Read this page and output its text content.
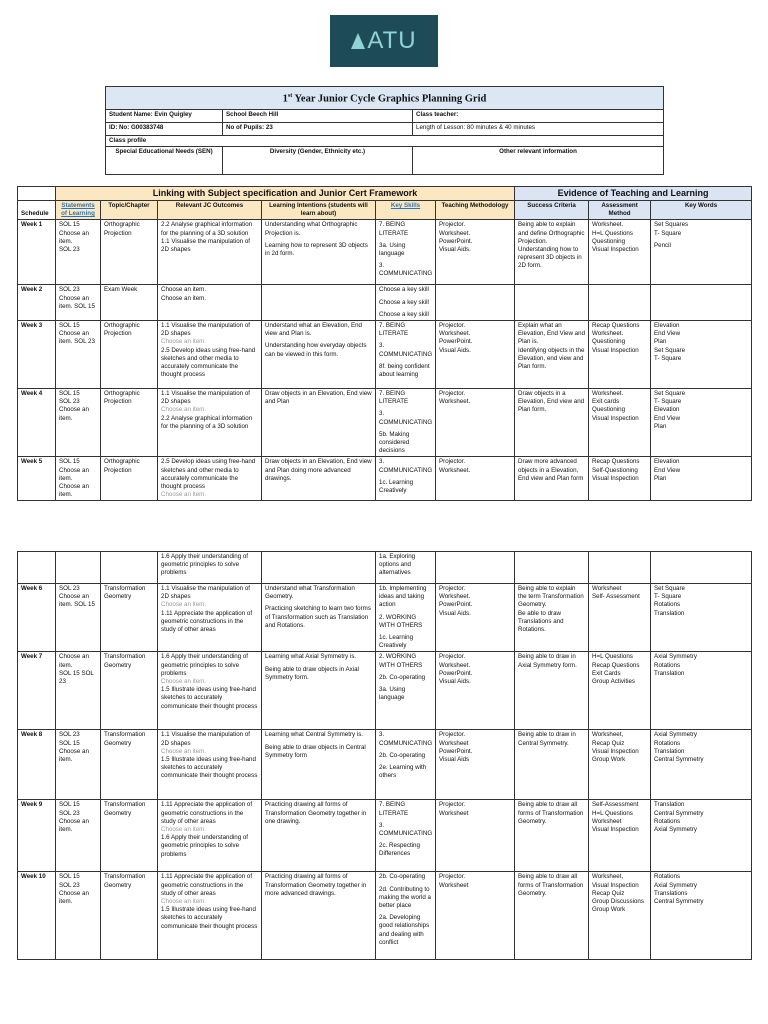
ATU
1st Year Junior Cycle Graphics Planning Grid		
Student Name: Evin Quigley	School Beech Hill	Class teacher:
ID: No: G00383748	No of Pupils: 23	Length of Lesson: 80 minutes & 40 minutes
Class profile		
Special Educational Needs (SEN)	Diversity (Gender, Ethnicity etc.)	Other relevant information
	Linking with Subject specification and Junior Cert Framework						Evidence of Teaching and Learning		
Schedule	Statements of Learning	Topic/Chapter	Relevant JC Outcomes	Learning Intentions (students will learn about)	Key Skills	Teaching Methodology	Success Criteria	Assessment Method	Key Words
Week 1	SOL 15
Choose an item.
SOL 23	Orthographic Projection	2.2 Analyse graphical information for the planning of a 3D solution
1.1 Visualise the manipulation of 2D shapes	Understanding what Orthographic Projection is.
Learning how to represent 3D objects in 2d form.	7. BEING LITERATE
3a. Using language
3. COMMUNICATING	Projector.
Worksheet.
PowerPoint.
Visual Aids.	Being able to explain and define Orthographic Projection.
Understanding how to represent 3D objects in 2D form.	Worksheet.
H=L Questions
Questioning
Visual Inspection	Set Squares
T- Square
Pencil

Week 2	SOL 23
Choose an item. SOL 15	Exam Week	Choose an item.
Choose an item.		Choose a key skill
Choose a key skill
Choose a key skill				

Week 3	SOL 15
Choose an item. SOL 23	Orthographic Projection	1.1 Visualise the manipulation of 2D shapes
Choose an item.
2.5 Develop ideas using free-hand sketches and other media to accurately communicate the thought process	Understand what an Elevation, End view and Plan is.
Understanding how everyday objects can be viewed in this form.	7. BEING LITERATE
3. COMMUNICATING
8f. being confident about learning	Projector.
Worksheet.
PowerPoint.
Visual Aids.	Explain what an Elevation, End View and Plan is.
Identifying objects in the Elevation, end view and Plan form.	Recap Questions
Worksheet.
Questioning
Visual Inspection	Elevation
End View
Plan
Set Square
T- Square

Week 4	SOL 15
SOL 23
Choose an item.	Orthographic Projection	1.1 Visualise the manipulation of 2D shapes
Choose an item.
2.2 Analyse graphical information for the planning of a 3D solution	Draw objects in an Elevation, End view and Plan	7. BEING LITERATE
3. COMMUNICATING
5b. Making considered decisions	Projector.
Worksheet.	Draw objects in a Elevation, End view and Plan form.	Worksheet.
Exit cards
Questioning
Visual Inspection	Set Square
T- Square
Elevation
End View
Plan

Week 5	SOL 15
Choose an item.
Choose an item.	Orthographic Projection	2.5 Develop ideas using free-hand sketches and other media to accurately communicate the thought process
Choose an item.	Draw objects in an Elevation, End view and Plan doing more advanced drawings.	3. COMMUNICATING
1c. Learning Creatively	Projector.
Worksheet.	Draw more advanced objects in a Elevation, End view and Plan form	Recap Questions
Self-Questioning
Visual Inspection	Elevation
End View
Plan

			1.6 Apply their understanding of geometric principles to solve problems		1a. Exploring options and alternatives				

Week 6	SOL 23
Choose an item. SOL 15	Transformation Geometry	1.1 Visualise the manipulation of 2D shapes
Choose an item.
1.11 Appreciate the application of geometric constructions in the study of other areas	Understand what Transformation Geometry.
Practicing sketching to learn two forms of Transformation such as Translation and Rotations.	1b. Implementing ideas and taking action
2. WORKING WITH OTHERS
1c. Learning Creatively	Projector.
Worksheet.
PowerPoint.
Visual Aids.	Being able to explain the term Transformation Geometry.
Be able to draw Translations and Rotations.	Worksheet
Self- Assessment	Set Square
T- Square
Rotations
Translation

Week 7	Choose an item.
SOL 15 SOL 23	Transformation Geometry	1.6 Apply their understanding of geometric principles to solve problems
Choose an item.
1.5 Illustrate ideas using free-hand sketches to accurately communicate their thought process	Learning what Axial Symmetry is.
Being able to draw objects in Axial Symmetry form.	2. WORKING WITH OTHERS
2b. Co-operating
3a. Using language	Projector.
Worksheet.
PowerPoint.
Visual Aids.	Being able to draw in Axial Symmetry form.	H=L Questions
Recap Questions
Exit Cards
Group Activities	Axial Symmetry
Rotations
Translation

Week 8	SOL 23
SOL 15
Choose an item.	Transformation Geometry	1.1 Visualise the manipulation of 2D shapes
Choose an item.
1.5 Illustrate ideas using free-hand sketches to accurately communicate their thought process	Learning what Central Symmetry is.
Being able to draw objects in Central Symmetry form	3. COMMUNICATING
2b. Co-operating
2e. Learning with others	Projector.
Worksheet
PowerPoint.
Visual Aids	Being able to draw in Central Symmetry.	Worksheet,
Recap Quiz
Visual Inspection
Group Work	Axial Symmetry
Rotations
Translation
Central Symmetry

Week 9	SOL 15
SOL 23
Choose an item.	Transformation Geometry	1.11 Appreciate the application of geometric constructions in the study of other areas
Choose an item.
1.6 Apply their understanding of geometric principles to solve problems	Practicing drawing all forms of Transformation Geometry together in one drawing.	7. BEING LITERATE
3. COMMUNICATING
2c. Respecting Differences	Projector.
Worksheet	Being able to draw all forms of Transformation Geometry.	Self-Assessment
H=L Questions
Worksheet
Visual Inspection	Translation
Central Symmetry
Rotations
Axial Symmetry

Week 10	SOL 15
SOL 23
Choose an item.	Transformation Geometry	1.11 Appreciate the application of geometric constructions in the study of other areas
Choose an item.
1.5 Illustrate ideas using free-hand sketches to accurately communicate their thought process	Practicing drawing all forms of Transformation Geometry together in more advanced drawings.	2b. Co-operating
2d. Contributing to making the world a better place
2a. Developing good relationships and dealing with conflict	Projector.
Worksheet	Being able to draw all forms of Transformation Geometry.	Worksheet,
Visual Inspection
Recap Quiz
Group Discussions
Group Work	Rotations
Axial Symmetry
Translations
Central Symmetry
